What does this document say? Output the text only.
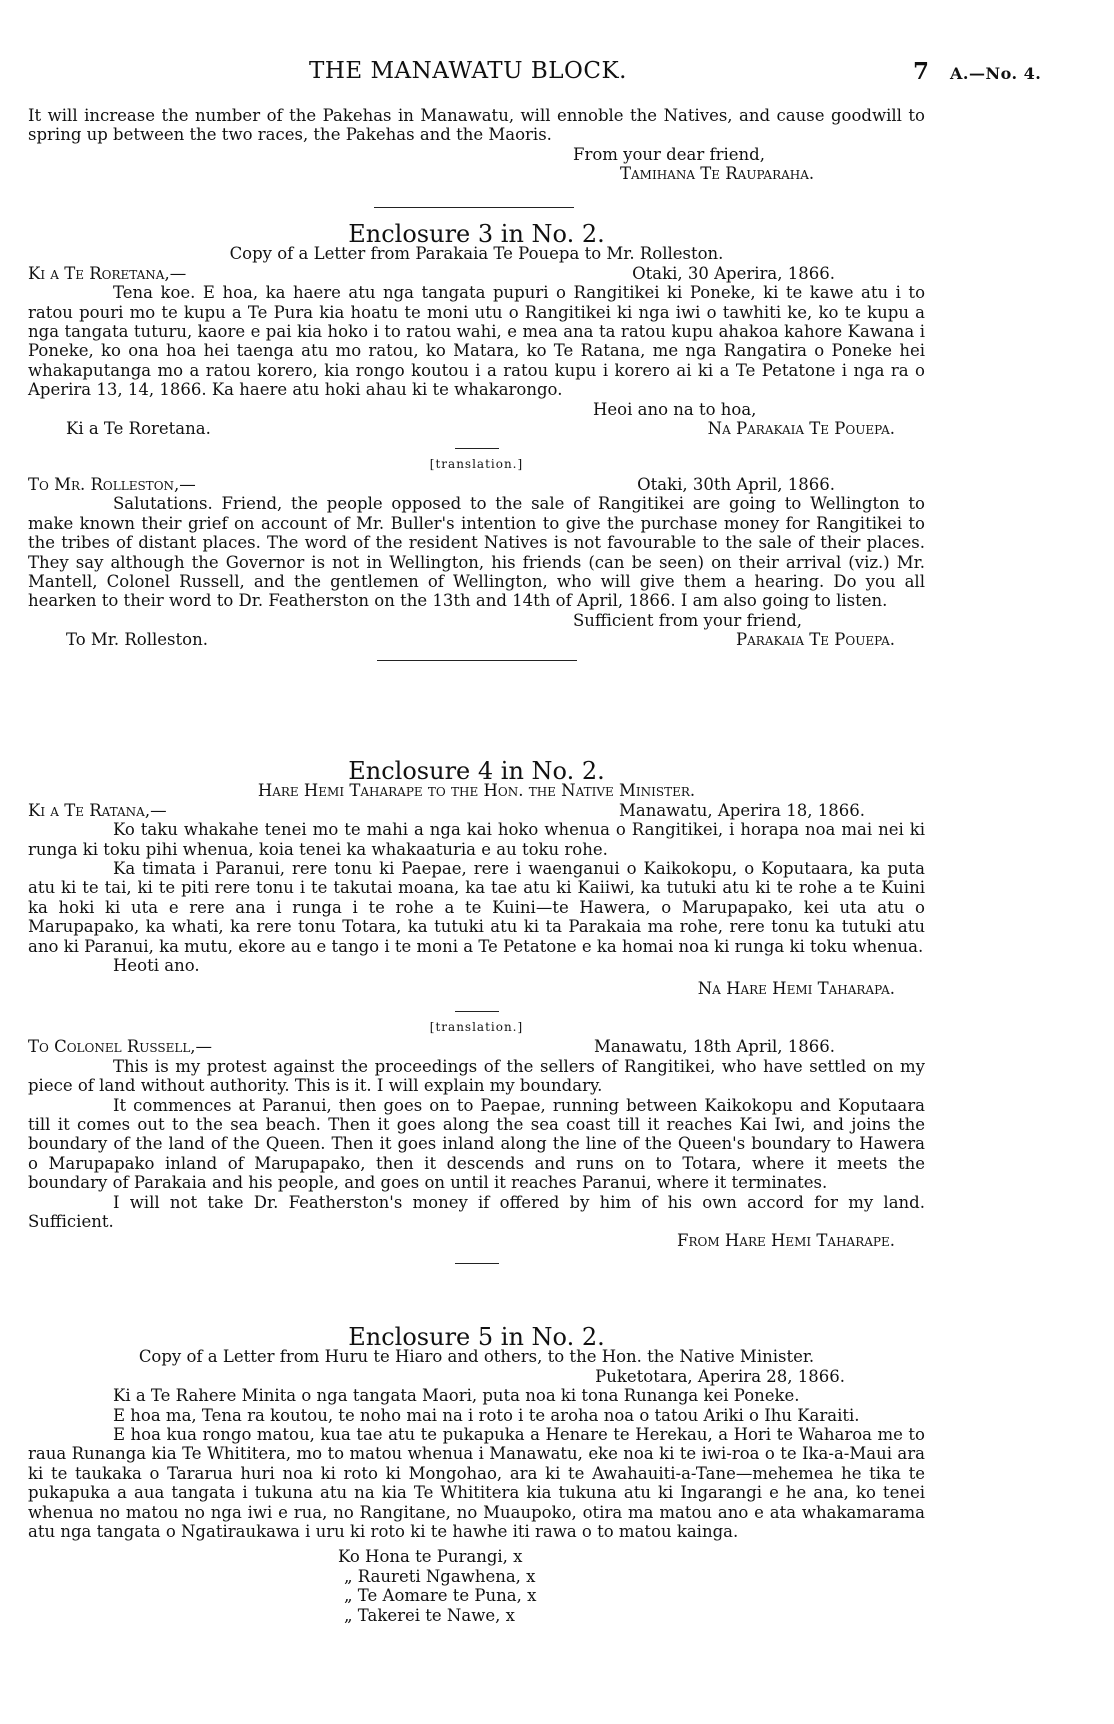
THE MANAWATU BLOCK.	7 A.—No. 4.

It will increase the number of the Pakehas in Manawatu, will ennoble the Natives, and cause goodwill to spring up between the two races, the Pakehas and the Maoris.

From your dear friend,
Tamihana Te Rauparaha.
Enclosure 3 in No. 2.
Copy of a Letter from Parakaia Te Pouepa to Mr. Rolleston.
Ki a Te Roretana,—	Otaki, 30 Aperira, 1866.

Tena koe. E hoa, ka haere atu nga tangata pupuri o Rangitikei ki Poneke, ki te kawe atu i to ratou pouri mo te kupu a Te Pura kia hoatu te moni utu o Rangitikei ki nga iwi o tawhiti ke, ko te kupu a nga tangata tuturu, kaore e pai kia hoko i to ratou wahi, e mea ana ta ratou kupu ahakoa kahore Kawana i Poneke, ko ona hoa hei taenga atu mo ratou, ko Matara, ko Te Ratana, me nga Rangatira o Poneke hei whakaputanga mo a ratou korero, kia rongo koutou i a ratou kupu i korero ai ki a Te Petatone i nga ra o Aperira 13, 14, 1866. Ka haere atu hoki ahau ki te whakarongo.

Heoi ano na to hoa,
Ki a Te Roretana.	Na Parakaia Te Pouepa.
[translation.]
To Mr. Rolleston,—	Otaki, 30th April, 1866.

Salutations. Friend, the people opposed to the sale of Rangitikei are going to Wellington to make known their grief on account of Mr. Buller's intention to give the purchase money for Rangitikei to the tribes of distant places. The word of the resident Natives is not favourable to the sale of their places. They say although the Governor is not in Wellington, his friends (can be seen) on their arrival (viz.) Mr. Mantell, Colonel Russell, and the gentlemen of Wellington, who will give them a hearing. Do you all hearken to their word to Dr. Featherston on the 13th and 14th of April, 1866. I am also going to listen.

Sufficient from your friend,
To Mr. Rolleston.	Parakaia Te Pouepa.
Enclosure 4 in No. 2.
Hare Hemi Taharape to the Hon. the Native Minister.
Ki a Te Ratana,—	Manawatu, Aperira 18, 1866.

Ko taku whakahe tenei mo te mahi a nga kai hoko whenua o Rangitikei, i horapa noa mai nei ki runga ki toku pihi whenua, koia tenei ka whakaaturia e au toku rohe.

Ka timata i Paranui, rere tonu ki Paepae, rere i waenganui o Kaikokopu, o Koputaara, ka puta atu ki te tai, ki te piti rere tonu i te takutai moana, ka tae atu ki Kaiiwi, ka tutuki atu ki te rohe a te Kuini ka hoki ki uta e rere ana i runga i te rohe a te Kuini—te Hawera, o Marupapako, kei uta atu o Marupapako, ka whati, ka rere tonu Totara, ka tutuki atu ki ta Parakaia ma rohe, rere tonu ka tutuki atu ano ki Paranui, ka mutu, ekore au e tango i te moni a Te Petatone e ka homai noa ki runga ki toku whenua.

Heoti ano.
Na Hare Hemi Taharapa.
[translation.]
To Colonel Russell,—	Manawatu, 18th April, 1866.

This is my protest against the proceedings of the sellers of Rangitikei, who have settled on my piece of land without authority. This is it. I will explain my boundary.

It commences at Paranui, then goes on to Paepae, running between Kaikokopu and Koputaara till it comes out to the sea beach. Then it goes along the sea coast till it reaches Kai Iwi, and joins the boundary of the land of the Queen. Then it goes inland along the line of the Queen's boundary to Hawera o Marupapako inland of Marupapako, then it descends and runs on to Totara, where it meets the boundary of Parakaia and his people, and goes on until it reaches Paranui, where it terminates.

I will not take Dr. Featherston's money if offered by him of his own accord for my land. Sufficient.

From Hare Hemi Taharape.
Enclosure 5 in No. 2.
Copy of a Letter from Huru te Hiaro and others, to the Hon. the Native Minister.
Puketotara, Aperira 28, 1866.

Ki a Te Rahere Minita o nga tangata Maori, puta noa ki tona Runanga kei Poneke.

E hoa ma, Tena ra koutou, te noho mai na i roto i te aroha noa o tatou Ariki o Ihu Karaiti.

E hoa kua rongo matou, kua tae atu te pukapuka a Henare te Herekau, a Hori te Waharoa me to raua Runanga kia Te Whititera, mo to matou whenua i Manawatu, eke noa ki te iwi-roa o te Ika-a-Maui ara ki te taukaka o Tararua huri noa ki roto ki Mongohao, ara ki te Awahauiti-a-Tane—mehemea he tika te pukapuka a aua tangata i tukuna atu na kia Te Whititera kia tukuna atu ki Ingarangi e he ana, ko tenei whenua no matou no nga iwi e rua, no Rangitane, no Muaupoko, otira ma matou ano e ata whakamarama atu nga tangata o Ngatiraukawa i uru ki roto ki te hawhe iti rawa o to matou kainga.

Ko Hona te Purangi, x
„ Raureti Ngawhena, x
„ Te Aomare te Puna, x
„ Takerei te Nawe, x
